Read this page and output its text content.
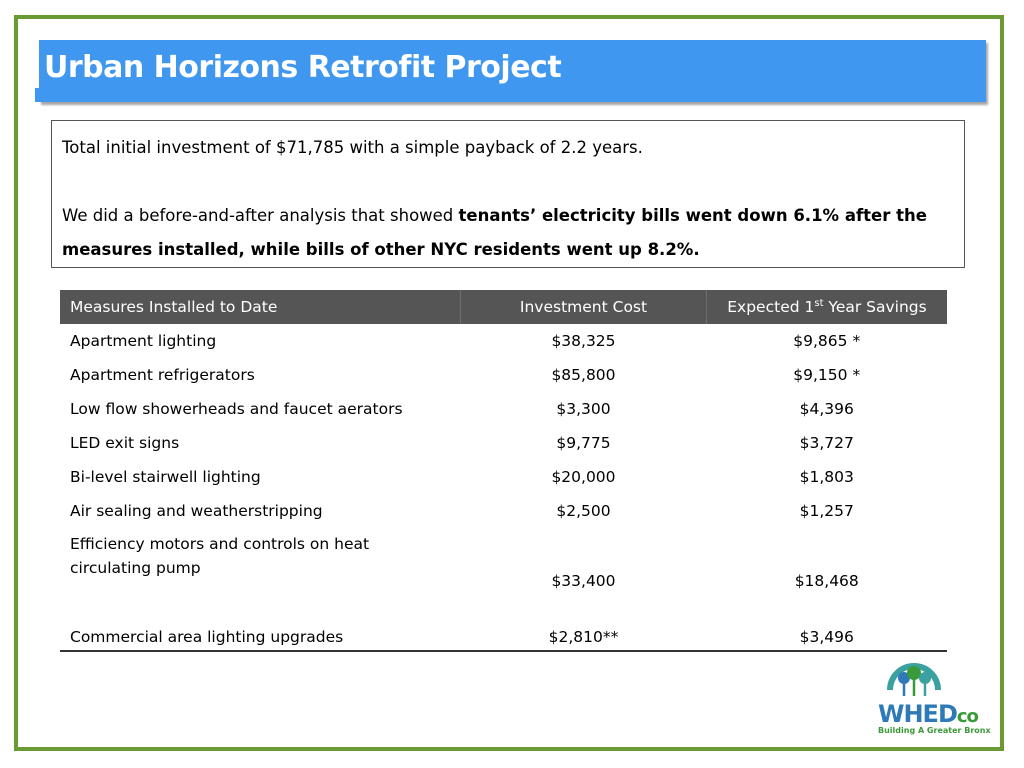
Urban Horizons Retrofit Project

Total initial investment of $71,785 with a simple payback of 2.2 years.

We did a before-and-after analysis that showed tenants’ electricity bills went down 6.1% after the measures installed, while bills of other NYC residents went up 8.2%.

Measures Installed to Date	Investment Cost	Expected 1st Year Savings
Apartment lighting	$38,325	$9,865 *
Apartment refrigerators	$85,800	$9,150 *
Low flow showerheads and faucet aerators	$3,300	$4,396
LED exit signs	$9,775	$3,727
Bi-level stairwell lighting	$20,000	$1,803
Air sealing and weatherstripping	$2,500	$1,257
Efficiency motors and controls on heat circulating pump	$33,400	$18,468
Commercial area lighting upgrades	$2,810**	$3,496
WHEDco
Building A Greater Bronx
